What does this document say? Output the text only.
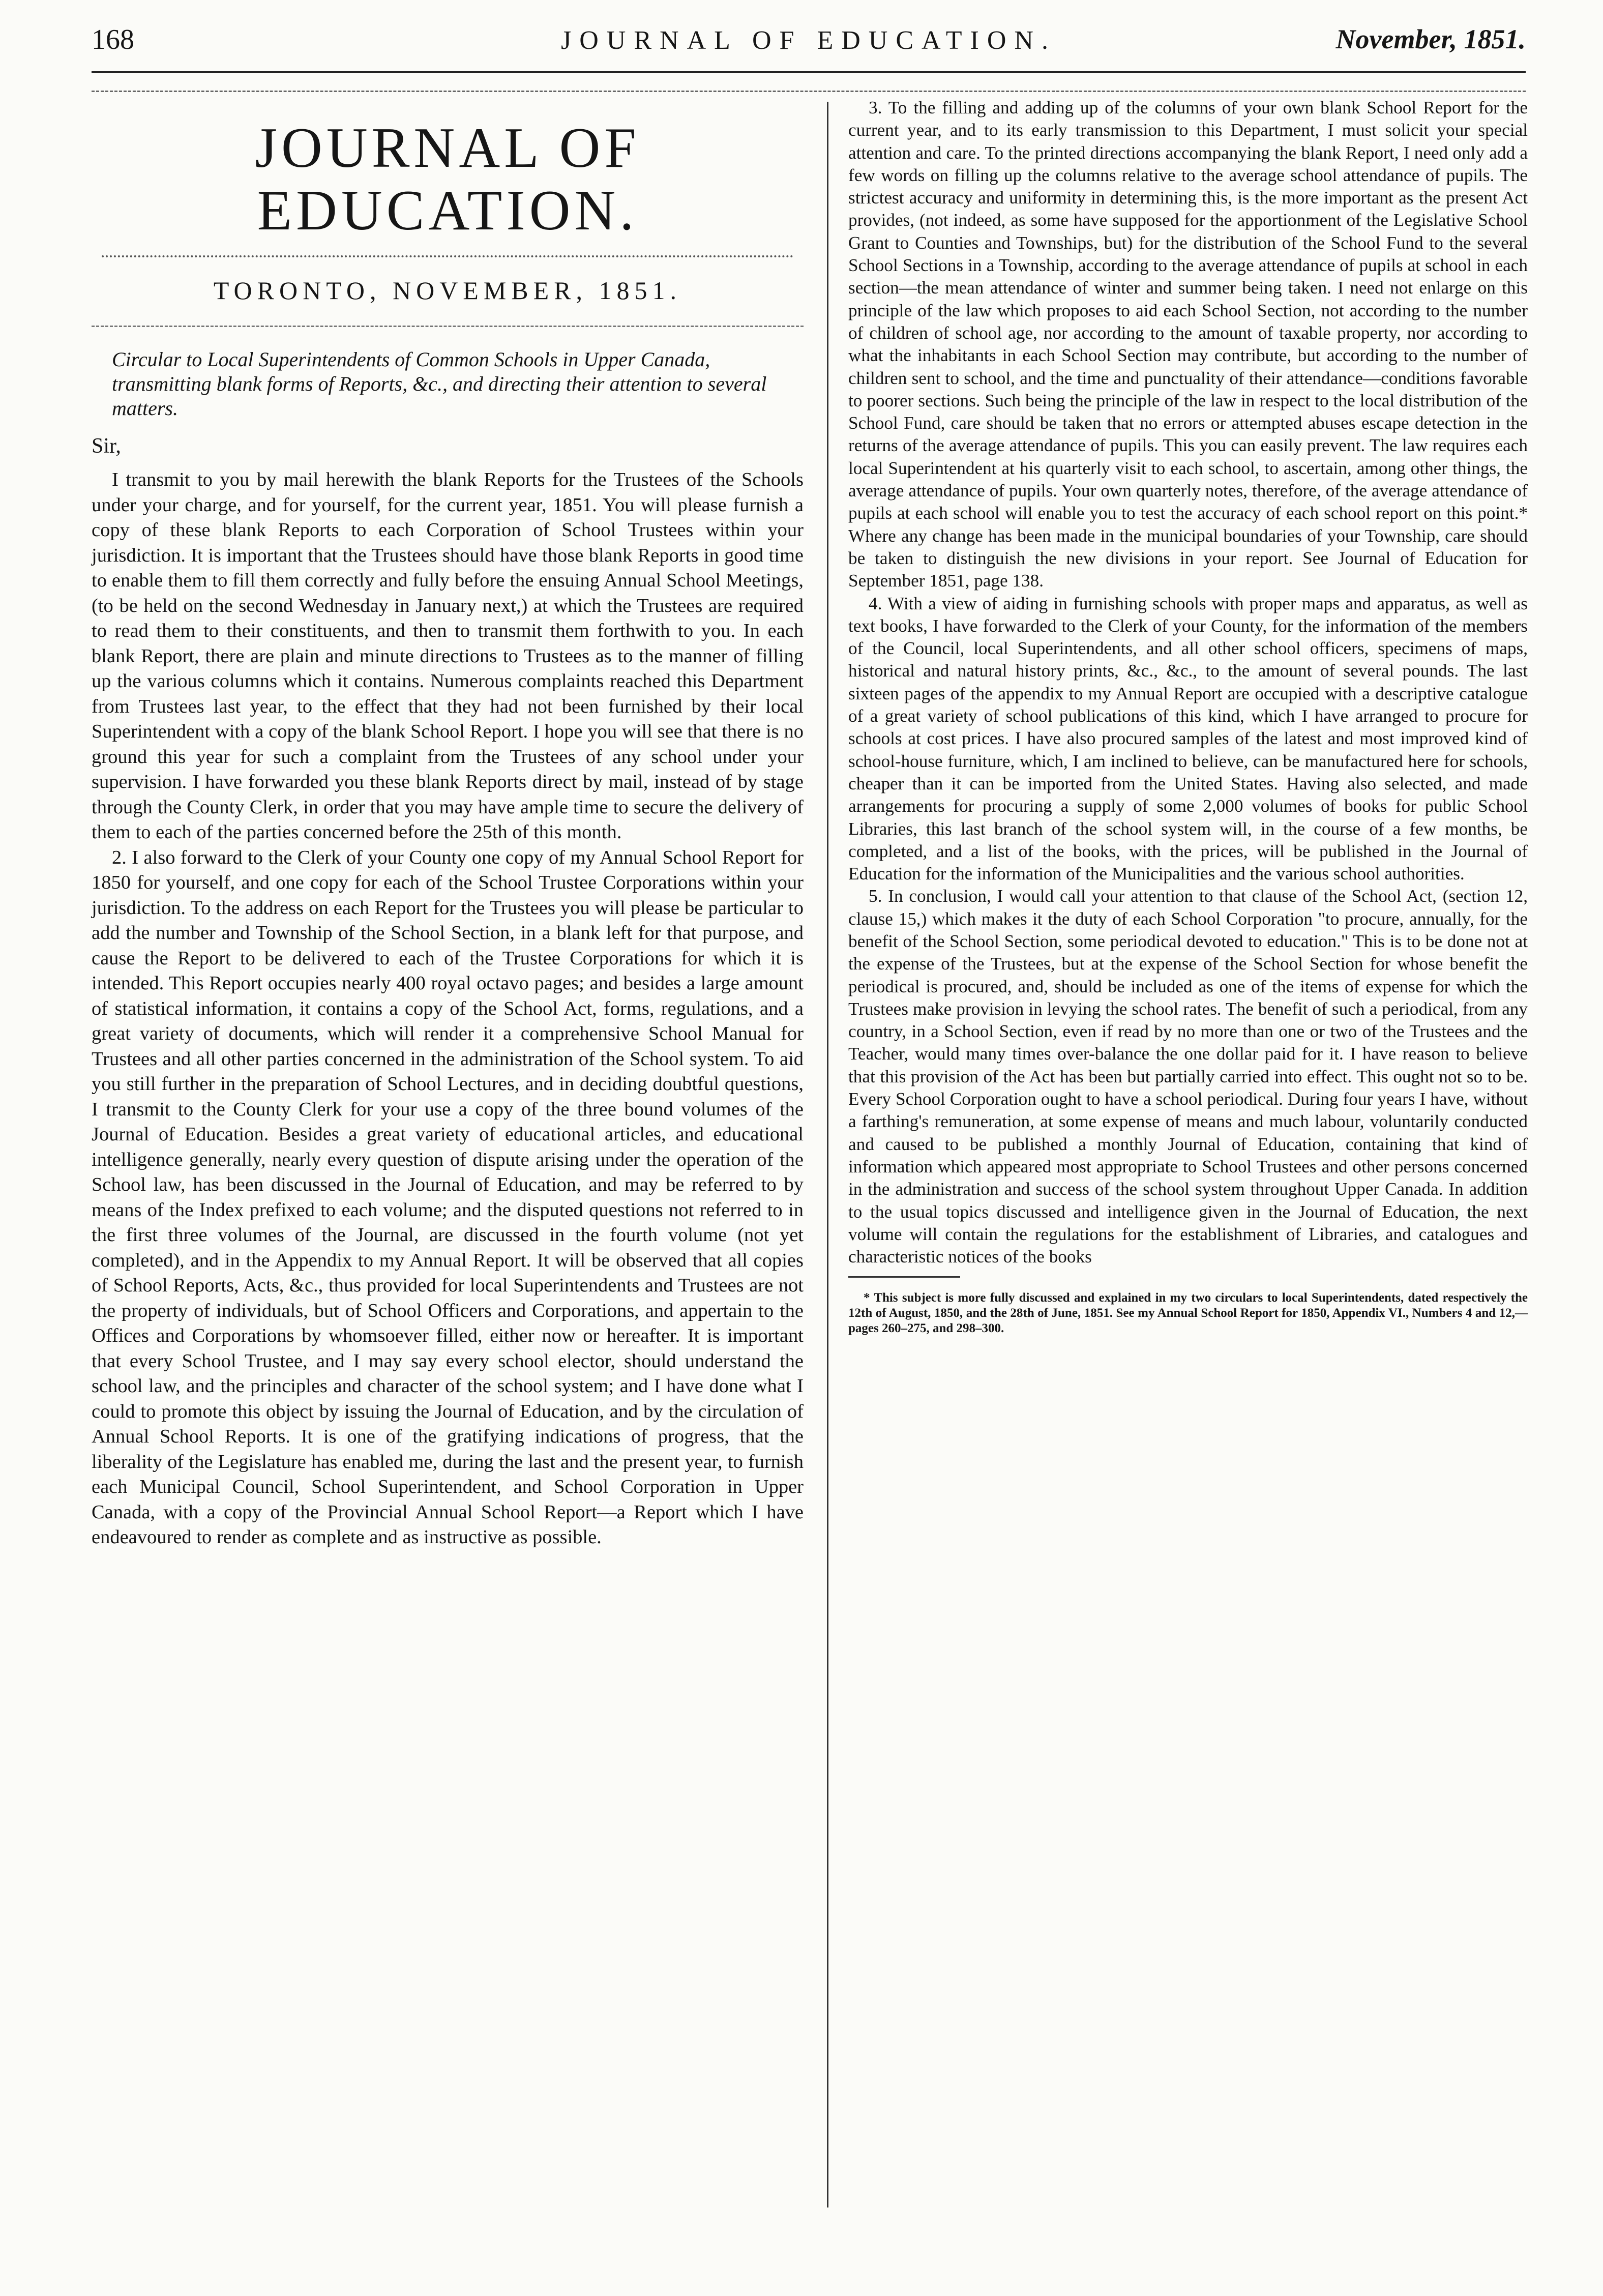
168	JOURNAL OF EDUCATION.	November, 1851.
JOURNAL OF EDUCATION.
TORONTO, NOVEMBER, 1851.

Circular to Local Superintendents of Common Schools in Upper Canada, transmitting blank forms of Reports, &c., and directing their attention to several matters.

Sir,

I transmit to you by mail herewith the blank Reports for the Trustees of the Schools under your charge, and for yourself, for the current year, 1851. You will please furnish a copy of these blank Reports to each Corporation of School Trustees within your jurisdiction. It is important that the Trustees should have those blank Reports in good time to enable them to fill them correctly and fully before the ensuing Annual School Meetings, (to be held on the second Wednesday in January next,) at which the Trustees are required to read them to their constituents, and then to transmit them forthwith to you. In each blank Report, there are plain and minute directions to Trustees as to the manner of filling up the various columns which it contains. Numerous complaints reached this Department from Trustees last year, to the effect that they had not been furnished by their local Superintendent with a copy of the blank School Report. I hope you will see that there is no ground this year for such a complaint from the Trustees of any school under your supervision. I have forwarded you these blank Reports direct by mail, instead of by stage through the County Clerk, in order that you may have ample time to secure the delivery of them to each of the parties concerned before the 25th of this month.

2. I also forward to the Clerk of your County one copy of my Annual School Report for 1850 for yourself, and one copy for each of the School Trustee Corporations within your jurisdiction. To the address on each Report for the Trustees you will please be particular to add the number and Township of the School Section, in a blank left for that purpose, and cause the Report to be delivered to each of the Trustee Corporations for which it is intended. This Report occupies nearly 400 royal octavo pages; and besides a large amount of statistical information, it contains a copy of the School Act, forms, regulations, and a great variety of documents, which will render it a comprehensive School Manual for Trustees and all other parties concerned in the administration of the School system. To aid you still further in the preparation of School Lectures, and in deciding doubtful questions, I transmit to the County Clerk for your use a copy of the three bound volumes of the Journal of Education. Besides a great variety of educational articles, and educational intelligence generally, nearly every question of dispute arising under the operation of the School law, has been discussed in the Journal of Education, and may be referred to by means of the Index prefixed to each volume; and the disputed questions not referred to in the first three volumes of the Journal, are discussed in the fourth volume (not yet completed), and in the Appendix to my Annual Report. It will be observed that all copies of School Reports, Acts, &c., thus provided for local Superintendents and Trustees are not the property of individuals, but of School Officers and Corporations, and appertain to the Offices and Corporations by whomsoever filled, either now or hereafter. It is important that every School Trustee, and I may say every school elector, should understand the school law, and the principles and character of the school system; and I have done what I could to promote this object by issuing the Journal of Education, and by the circulation of Annual School Reports. It is one of the gratifying indications of progress, that the liberality of the Legislature has enabled me, during the last and the present year, to furnish each Municipal Council, School Superintendent, and School Corporation in Upper Canada, with a copy of the Provincial Annual School Report—a Report which I have endeavoured to render as complete and as instructive as possible.

3. To the filling and adding up of the columns of your own blank School Report for the current year, and to its early transmission to this Department, I must solicit your special attention and care. To the printed directions accompanying the blank Report, I need only add a few words on filling up the columns relative to the average school attendance of pupils. The strictest accuracy and uniformity in determining this, is the more important as the present Act provides, (not indeed, as some have supposed for the apportionment of the Legislative School Grant to Counties and Townships, but) for the distribution of the School Fund to the several School Sections in a Township, according to the average attendance of pupils at school in each section—the mean attendance of winter and summer being taken. I need not enlarge on this principle of the law which proposes to aid each School Section, not according to the number of children of school age, nor according to the amount of taxable property, nor according to what the inhabitants in each School Section may contribute, but according to the number of children sent to school, and the time and punctuality of their attendance—conditions favorable to poorer sections. Such being the principle of the law in respect to the local distribution of the School Fund, care should be taken that no errors or attempted abuses escape detection in the returns of the average attendance of pupils. This you can easily prevent. The law requires each local Superintendent at his quarterly visit to each school, to ascertain, among other things, the average attendance of pupils. Your own quarterly notes, therefore, of the average attendance of pupils at each school will enable you to test the accuracy of each school report on this point.* Where any change has been made in the municipal boundaries of your Township, care should be taken to distinguish the new divisions in your report. See Journal of Education for September 1851, page 138.

4. With a view of aiding in furnishing schools with proper maps and apparatus, as well as text books, I have forwarded to the Clerk of your County, for the information of the members of the Council, local Superintendents, and all other school officers, specimens of maps, historical and natural history prints, &c., &c., to the amount of several pounds. The last sixteen pages of the appendix to my Annual Report are occupied with a descriptive catalogue of a great variety of school publications of this kind, which I have arranged to procure for schools at cost prices. I have also procured samples of the latest and most improved kind of school-house furniture, which, I am inclined to believe, can be manufactured here for schools, cheaper than it can be imported from the United States. Having also selected, and made arrangements for procuring a supply of some 2,000 volumes of books for public School Libraries, this last branch of the school system will, in the course of a few months, be completed, and a list of the books, with the prices, will be published in the Journal of Education for the information of the Municipalities and the various school authorities.

5. In conclusion, I would call your attention to that clause of the School Act, (section 12, clause 15,) which makes it the duty of each School Corporation "to procure, annually, for the benefit of the School Section, some periodical devoted to education." This is to be done not at the expense of the Trustees, but at the expense of the School Section for whose benefit the periodical is procured, and, should be included as one of the items of expense for which the Trustees make provision in levying the school rates. The benefit of such a periodical, from any country, in a School Section, even if read by no more than one or two of the Trustees and the Teacher, would many times over-balance the one dollar paid for it. I have reason to believe that this provision of the Act has been but partially carried into effect. This ought not so to be. Every School Corporation ought to have a school periodical. During four years I have, without a farthing's remuneration, at some expense of means and much labour, voluntarily conducted and caused to be published a monthly Journal of Education, containing that kind of information which appeared most appropriate to School Trustees and other persons concerned in the administration and success of the school system throughout Upper Canada. In addition to the usual topics discussed and intelligence given in the Journal of Education, the next volume will contain the regulations for the establishment of Libraries, and catalogues and characteristic notices of the books

* This subject is more fully discussed and explained in my two circulars to local Superintendents, dated respectively the 12th of August, 1850, and the 28th of June, 1851. See my Annual School Report for 1850, Appendix VI., Numbers 4 and 12,—pages 260–275, and 298–300.
